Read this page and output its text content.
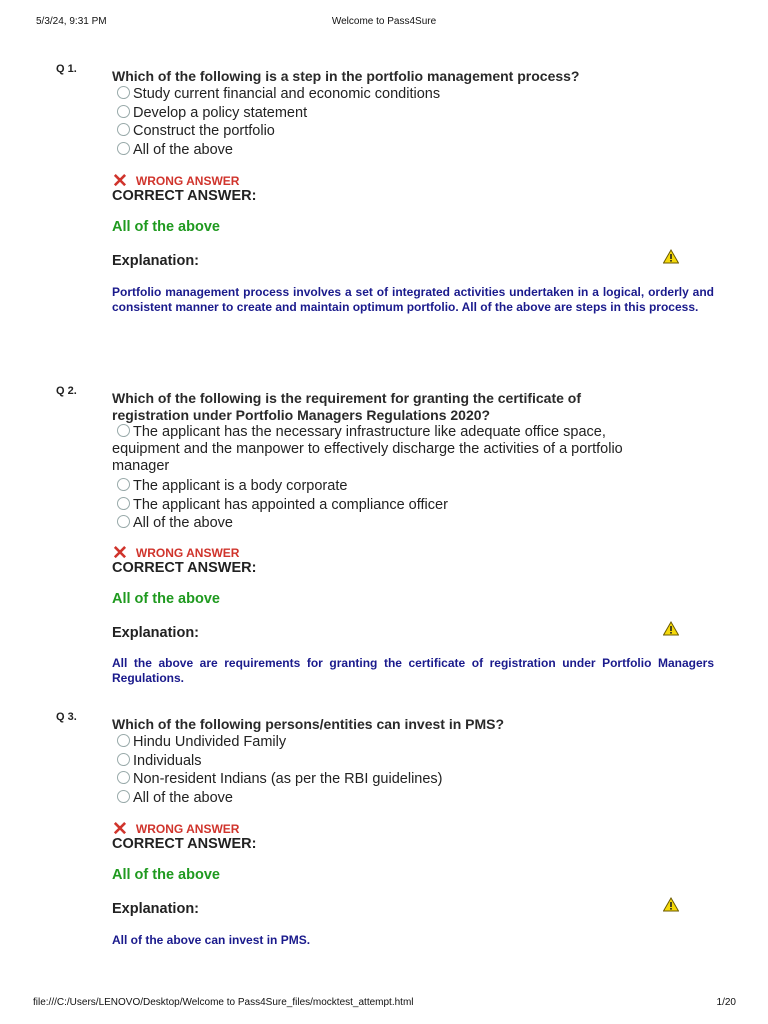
5/3/24, 9:31 PM	Welcome to Pass4Sure
Q 1.	Which of the following is a step in the portfolio management process?
Study current financial and economic conditions
Develop a policy statement
Construct the portfolio
All of the above
✕ WRONG ANSWER
CORRECT ANSWER:
All of the above
Explanation:
Portfolio management process involves a set of integrated activities undertaken in a logical, orderly and consistent manner to create and maintain optimum portfolio. All of the above are steps in this process.
Q 2.	Which of the following is the requirement for granting the certificate of registration under Portfolio Managers Regulations 2020?
The applicant has the necessary infrastructure like adequate office space, equipment and the manpower to effectively discharge the activities of a portfolio manager
The applicant is a body corporate
The applicant has appointed a compliance officer
All of the above
✕ WRONG ANSWER
CORRECT ANSWER:
All of the above
Explanation:
All the above are requirements for granting the certificate of registration under Portfolio Managers Regulations.
Q 3.	Which of the following persons/entities can invest in PMS?
Hindu Undivided Family
Individuals
Non-resident Indians (as per the RBI guidelines)
All of the above
✕ WRONG ANSWER
CORRECT ANSWER:
All of the above
Explanation:
All of the above can invest in PMS.
file:///C:/Users/LENOVO/Desktop/Welcome to Pass4Sure_files/mocktest_attempt.html	1/20
